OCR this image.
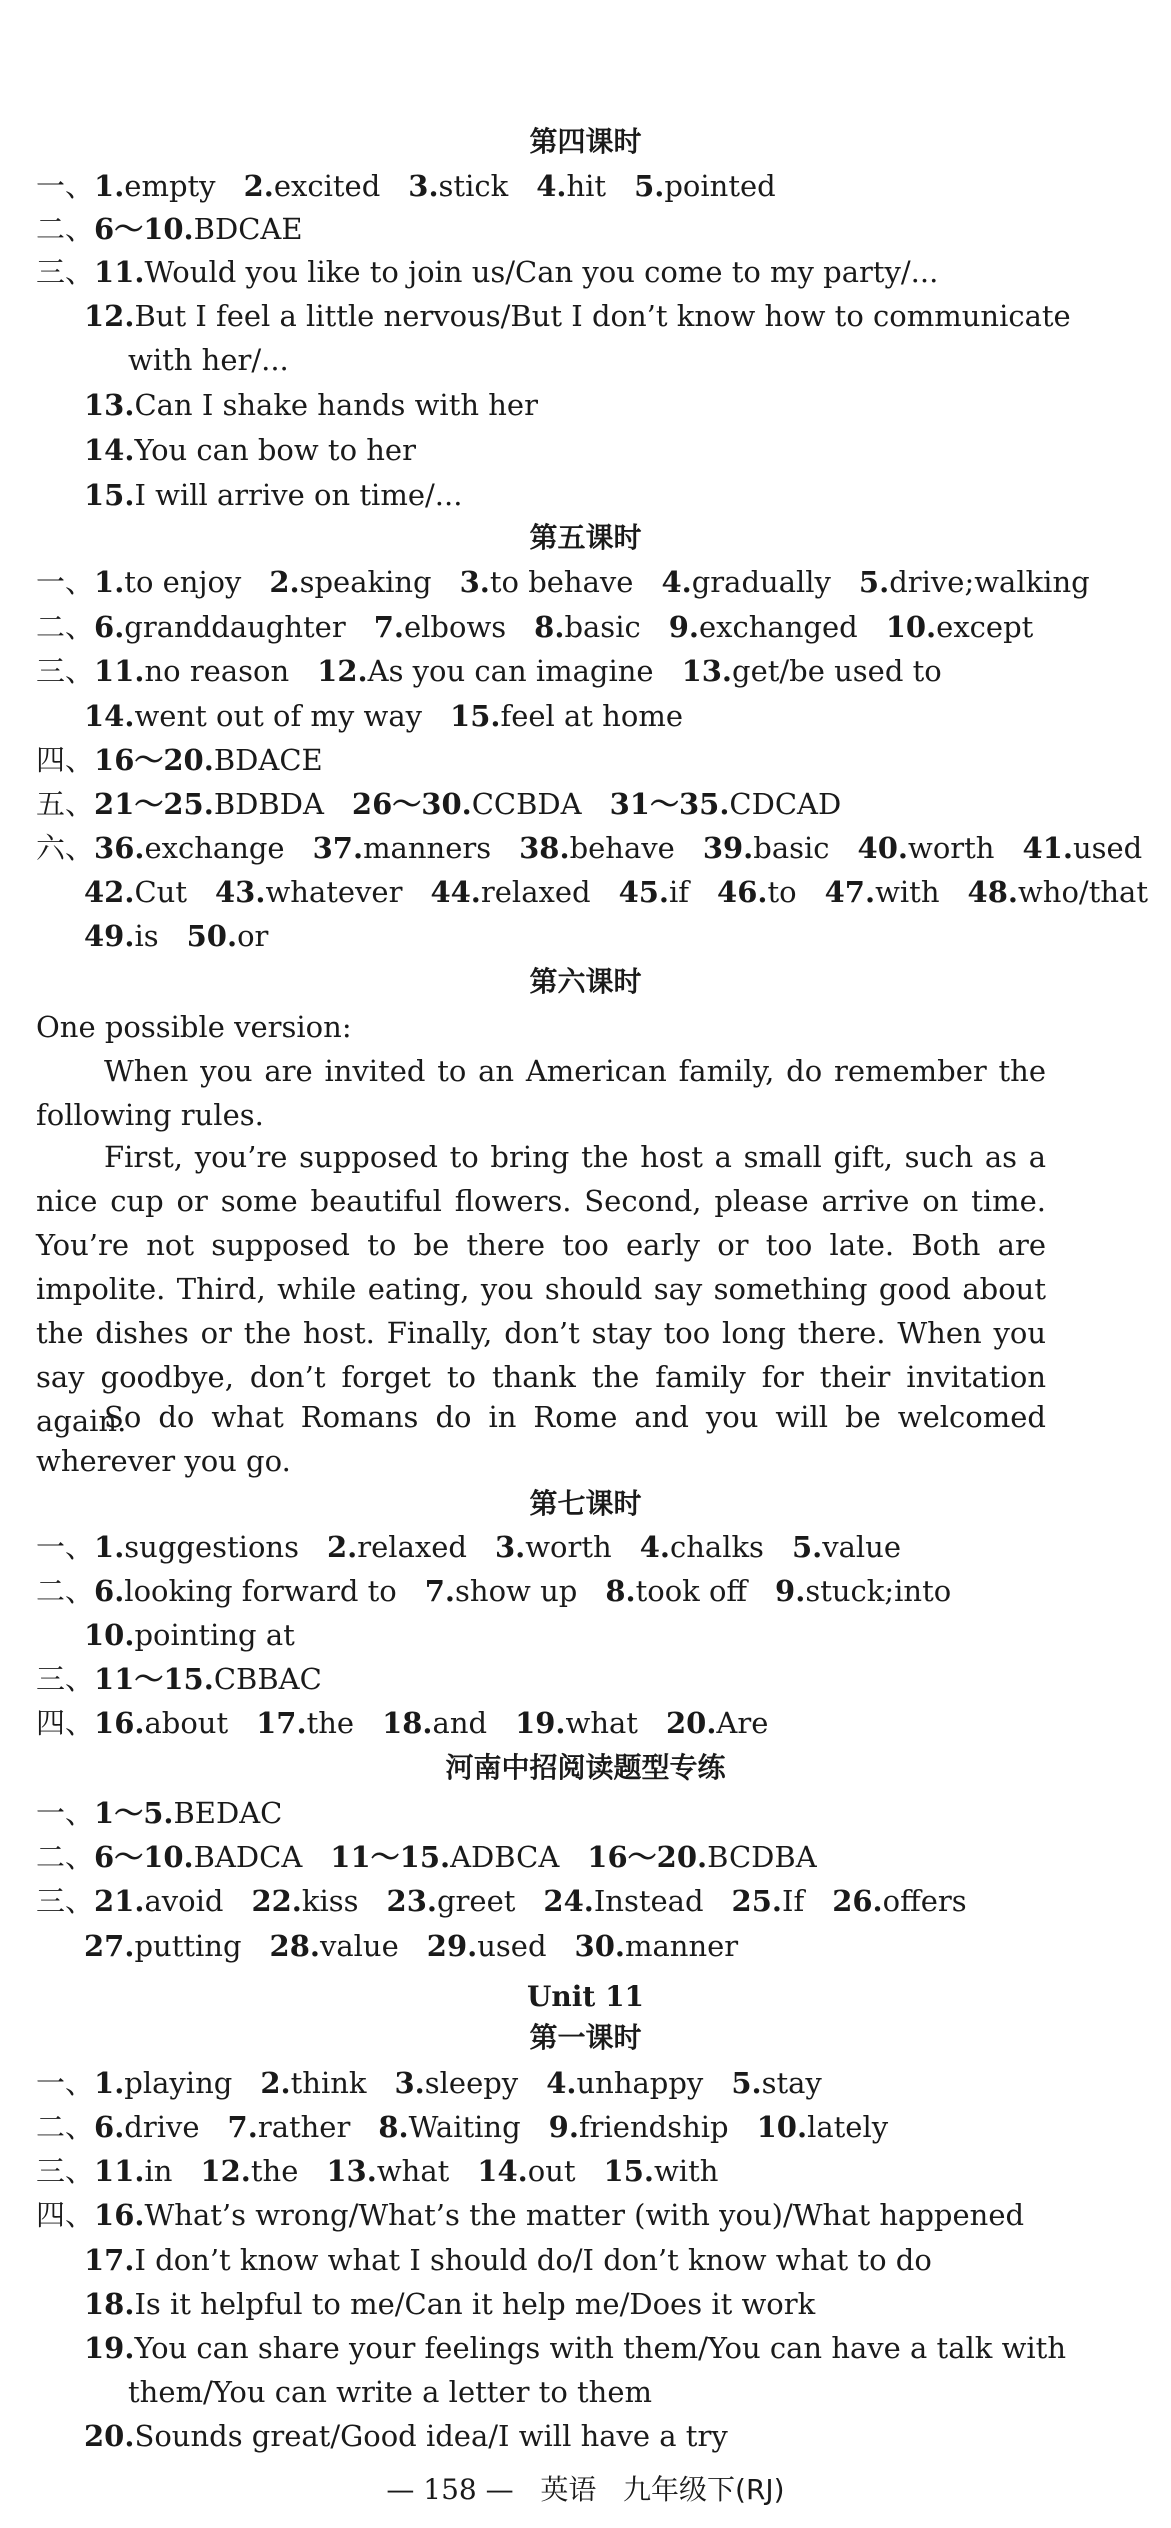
第四课时
一、1.empty 2.excited 3.stick 4.hit 5.pointed
二、6～10.BDCAE
三、11.Would you like to join us/Can you come to my party/...
12.But I feel a little nervous/But I don’t know how to communicate
with her/...
13.Can I shake hands with her
14.You can bow to her
15.I will arrive on time/...
第五课时
一、1.to enjoy 2.speaking 3.to behave 4.gradually 5.drive;walking
二、6.granddaughter 7.elbows 8.basic 9.exchanged 10.except
三、11.no reason 12.As you can imagine 13.get/be used to
14.went out of my way 15.feel at home
四、16～20.BDACE
五、21～25.BDBDA 26～30.CCBDA 31～35.CDCAD
六、36.exchange 37.manners 38.behave 39.basic 40.worth 41.used
42.Cut 43.whatever 44.relaxed 45.if 46.to 47.with 48.who/that
49.is 50.or
第六课时
One possible version:
When you are invited to an American family, do remember the following rules.
First, you’re supposed to bring the host a small gift, such as a nice cup or some beautiful flowers. Second, please arrive on time. You’re not supposed to be there too early or too late. Both are impolite. Third, while eating, you should say something good about the dishes or the host. Finally, don’t stay too long there. When you say goodbye, don’t forget to thank the family for their invitation again.
So do what Romans do in Rome and you will be welcomed wherever you go.
第七课时
一、1.suggestions 2.relaxed 3.worth 4.chalks 5.value
二、6.looking forward to 7.show up 8.took off 9.stuck;into
10.pointing at
三、11～15.CBBAC
四、16.about 17.the 18.and 19.what 20.Are
河南中招阅读题型专练
一、1～5.BEDAC
二、6～10.BADCA 11～15.ADBCA 16～20.BCDBA
三、21.avoid 22.kiss 23.greet 24.Instead 25.If 26.offers
27.putting 28.value 29.used 30.manner
Unit 11
第一课时
一、1.playing 2.think 3.sleepy 4.unhappy 5.stay
二、6.drive 7.rather 8.Waiting 9.friendship 10.lately
三、11.in 12.the 13.what 14.out 15.with
四、16.What’s wrong/What’s the matter (with you)/What happened
17.I don’t know what I should do/I don’t know what to do
18.Is it helpful to me/Can it help me/Does it work
19.You can share your feelings with them/You can have a talk with
them/You can write a letter to them
20.Sounds great/Good idea/I will have a try
— 158 — 英语 九年级下(RJ)
